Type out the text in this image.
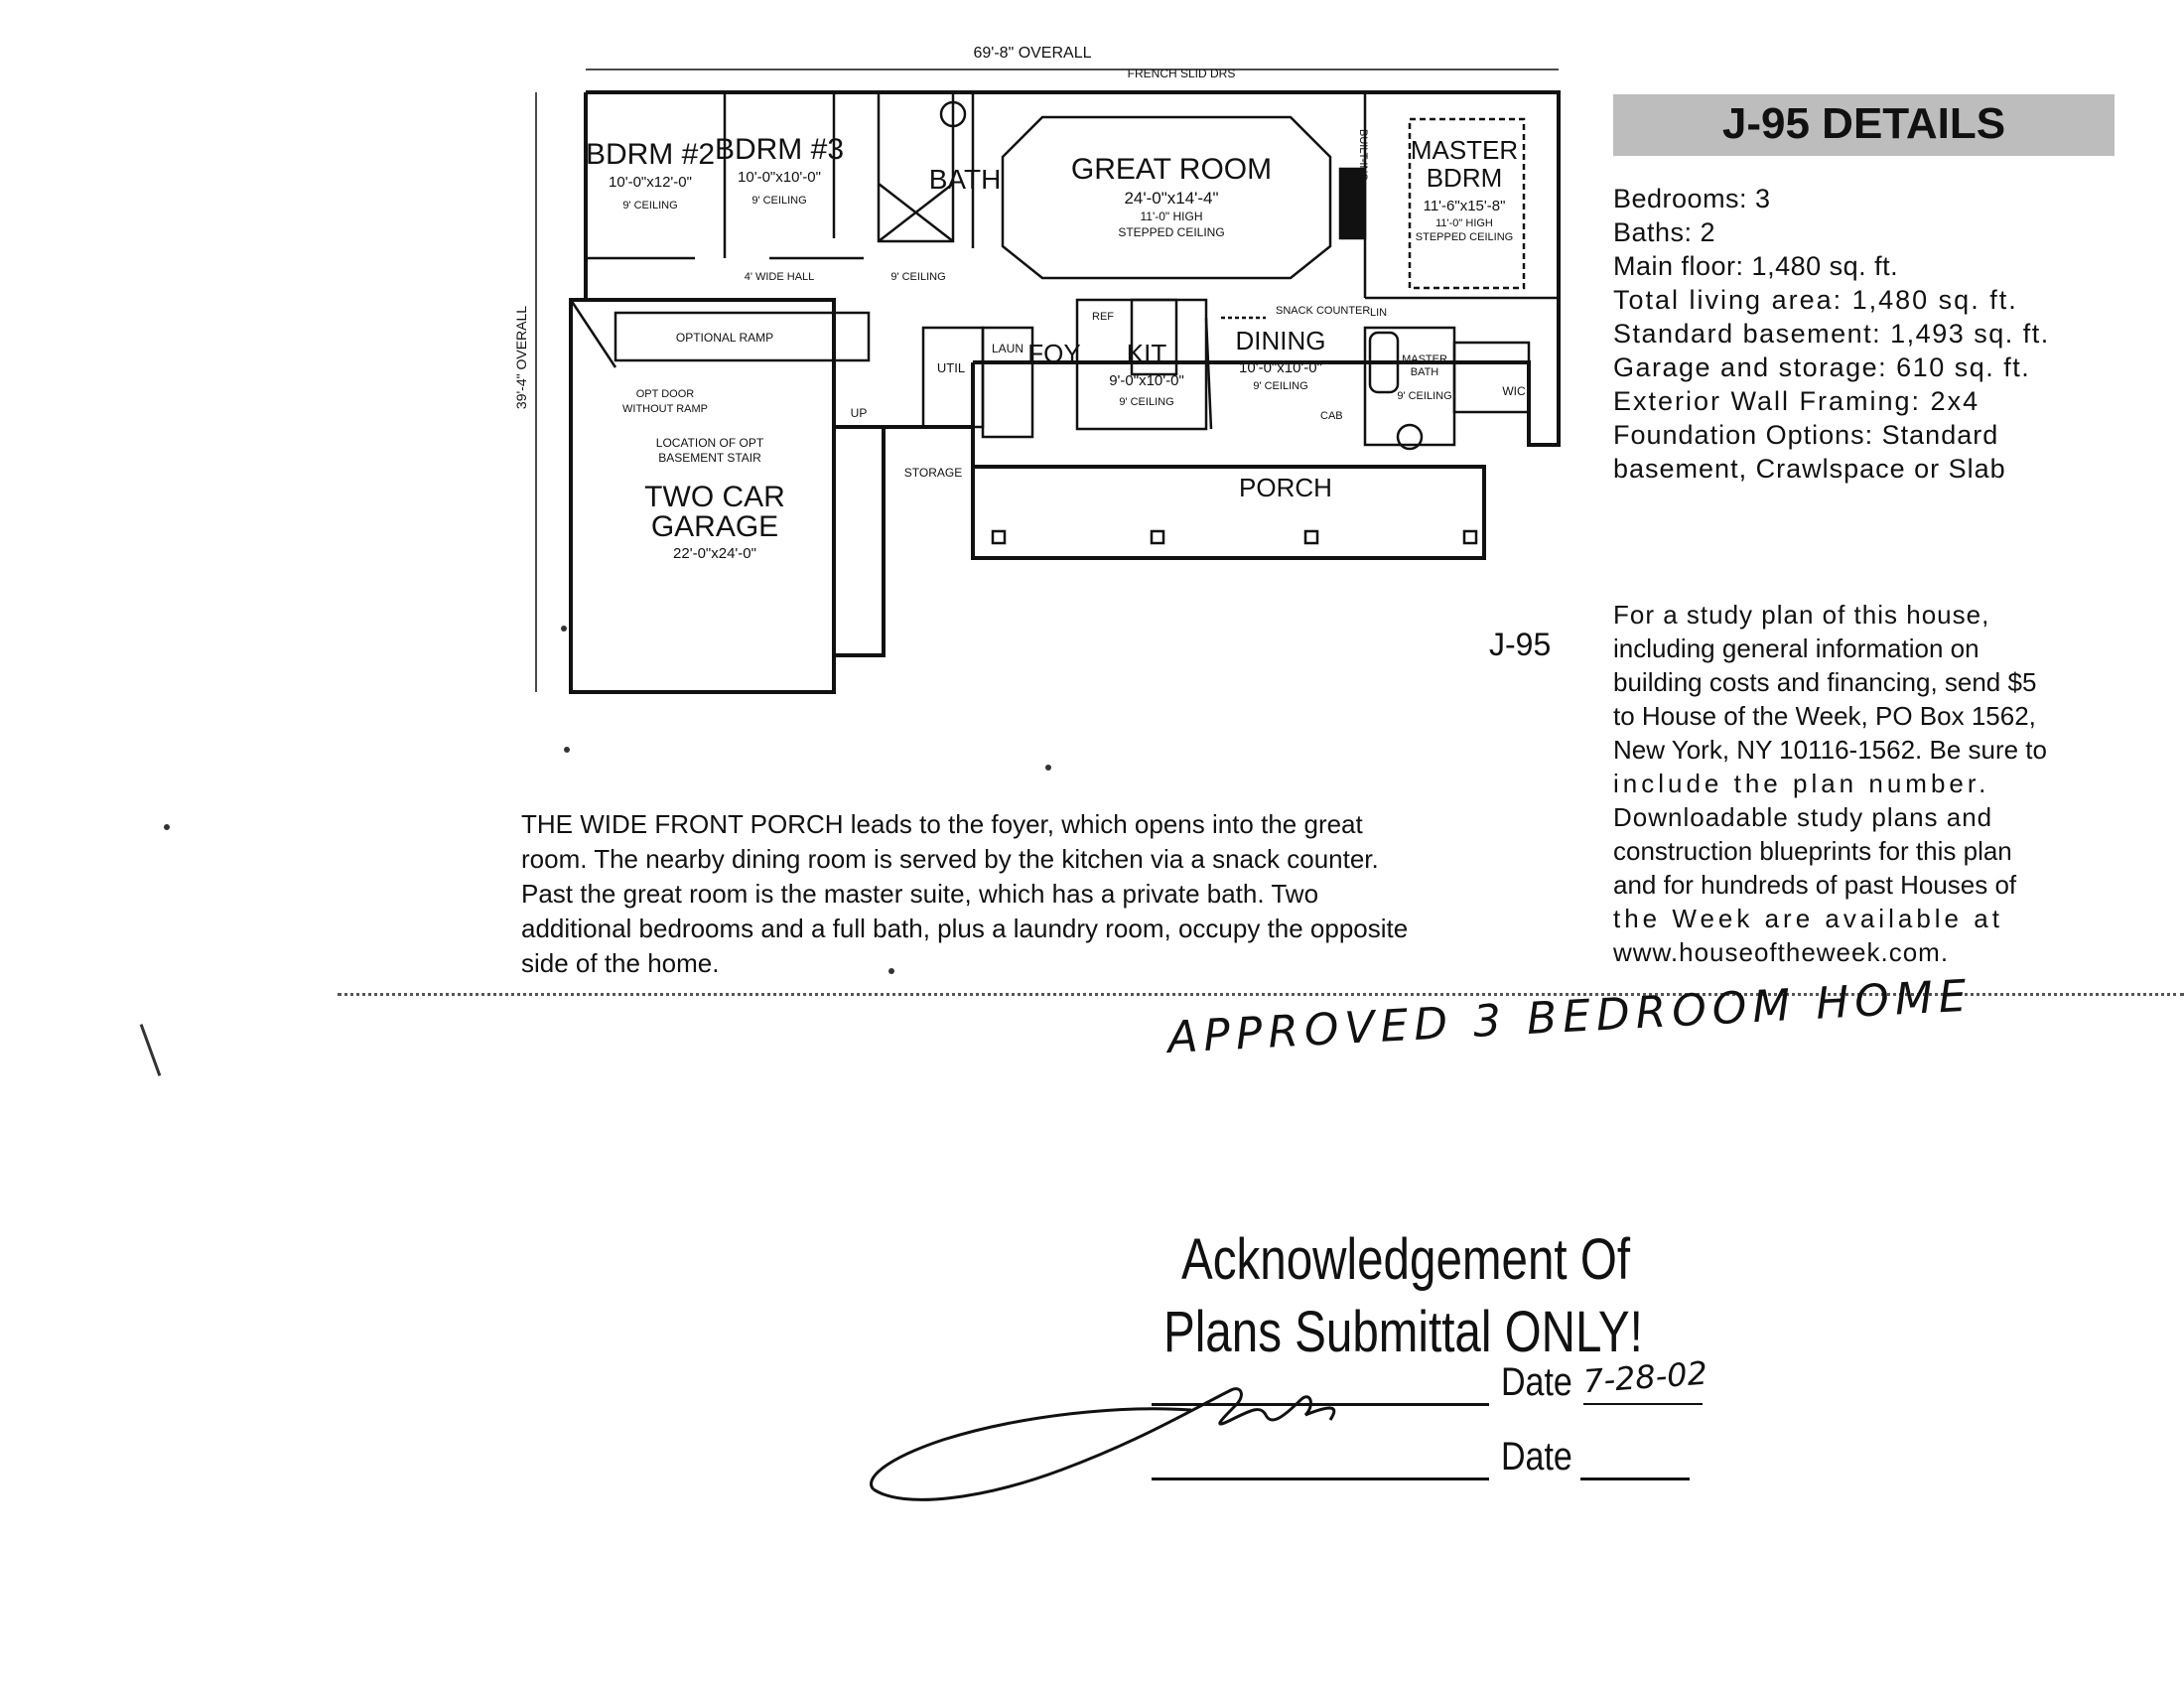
69'-8" OVERALL
FRENCH SLID DRS
39'-4" OVERALL
BDRM #2
10'-0"x12'-0"
9' CEILING
BDRM #3
10'-0"x10'-0"
9' CEILING
BATH GREAT ROOM
24'-0"x14'-4"
11'-0" HIGH
STEPPED CEILING
BUILT-INS MASTER
BDRM
11'-6"x15'-8"
11'-0" HIGH
STEPPED CEILING
4' WIDE HALL	9' CEILING
OPTIONAL RAMP
OPT DOOR
WITHOUT RAMP
UTIL
LAUN
UP
FOY KIT
9'-0"x10'-0"
9' CEILING
REF	SNACK COUNTER
DINING
10'-0"x10'-0"
9' CEILING
CAB
LIN
MASTER
BATH
9' CEILING	WIC
LOCATION OF OPT
BASEMENT STAIR
STORAGE	PORCH
TWO CAR
GARAGE
22'-0"x24'-0"
J-95
J-95 DETAILS
Bedrooms: 3
Baths: 2
Main floor: 1,480 sq. ft.
Total living area: 1,480 sq. ft.
Standard basement: 1,493 sq. ft.
Garage and storage: 610 sq. ft.
Exterior Wall Framing: 2x4
Foundation Options: Standard
basement, Crawlspace or Slab
For a study plan of this house,
including general information on
building costs and financing, send $5
to House of the Week, PO Box 1562,
New York, NY 10116-1562. Be sure to
include the plan number.
Downloadable study plans and
construction blueprints for this plan
and for hundreds of past Houses of
the Week are available at
www.houseoftheweek.com.
THE WIDE FRONT PORCH leads to the foyer, which opens into the great
room. The nearby dining room is served by the kitchen via a snack counter.
Past the great room is the master suite, which has a private bath. Two
additional bedrooms and a full bath, plus a laundry room, occupy the opposite
side of the home.
APPROVED 3 BEDROOM HOME
Acknowledgement Of
Plans Submittal ONLY!
Date 7-28-02
Date
